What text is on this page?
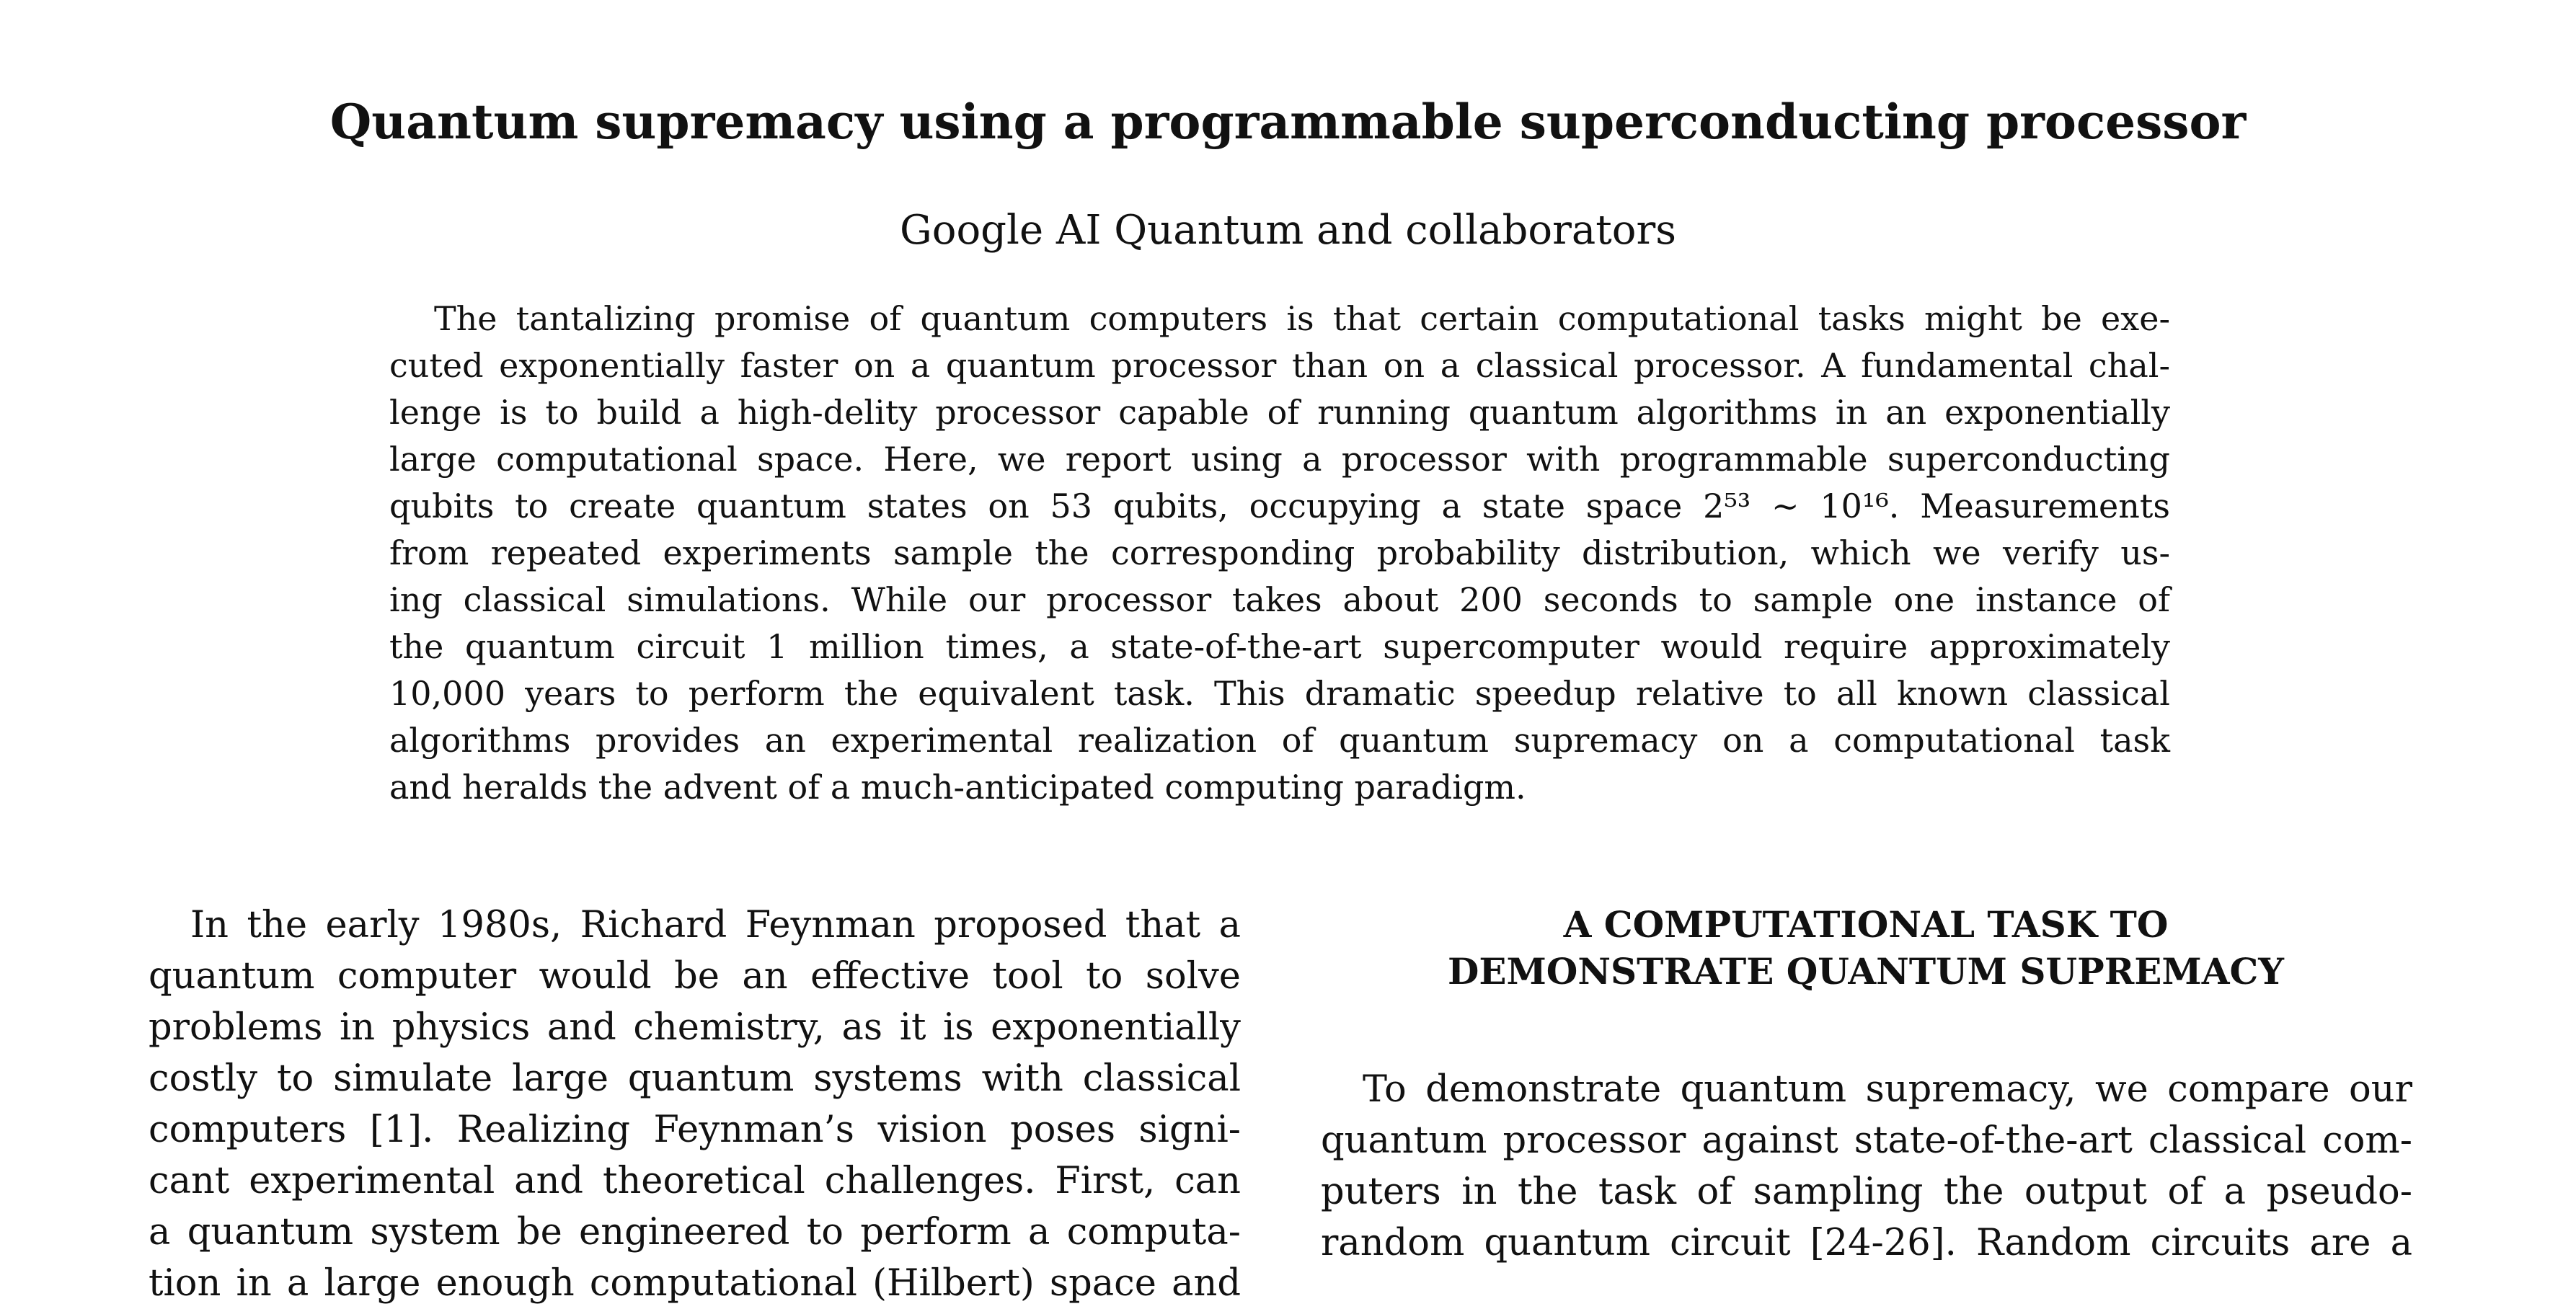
Quantum supremacy using a programmable superconducting processor
Google AI Quantum and collaborators
The tantalizing promise of quantum computers is that certain computational tasks might be exe-
cuted exponentially faster on a quantum processor than on a classical processor. A fundamental chal-
lenge is to build a high-delity processor capable of running quantum algorithms in an exponentially
large computational space. Here, we report using a processor with programmable superconducting
qubits to create quantum states on 53 qubits, occupying a state space 2⁵³ ∼ 10¹⁶. Measurements
from repeated experiments sample the corresponding probability distribution, which we verify us-
ing classical simulations. While our processor takes about 200 seconds to sample one instance of
the quantum circuit 1 million times, a state-of-the-art supercomputer would require approximately
10,000 years to perform the equivalent task. This dramatic speedup relative to all known classical
algorithms provides an experimental realization of quantum supremacy on a computational task
and heralds the advent of a much-anticipated computing paradigm.
In the early 1980s, Richard Feynman proposed that a
quantum computer would be an effective tool to solve
problems in physics and chemistry, as it is exponentially
costly to simulate large quantum systems with classical
computers [1]. Realizing Feynman’s vision poses signi-
cant experimental and theoretical challenges. First, can
a quantum system be engineered to perform a computa-
tion in a large enough computational (Hilbert) space and
A COMPUTATIONAL TASK TO
DEMONSTRATE QUANTUM SUPREMACY
To demonstrate quantum supremacy, we compare our
quantum processor against state-of-the-art classical com-
puters in the task of sampling the output of a pseudo-
random quantum circuit [24-26]. Random circuits are a
